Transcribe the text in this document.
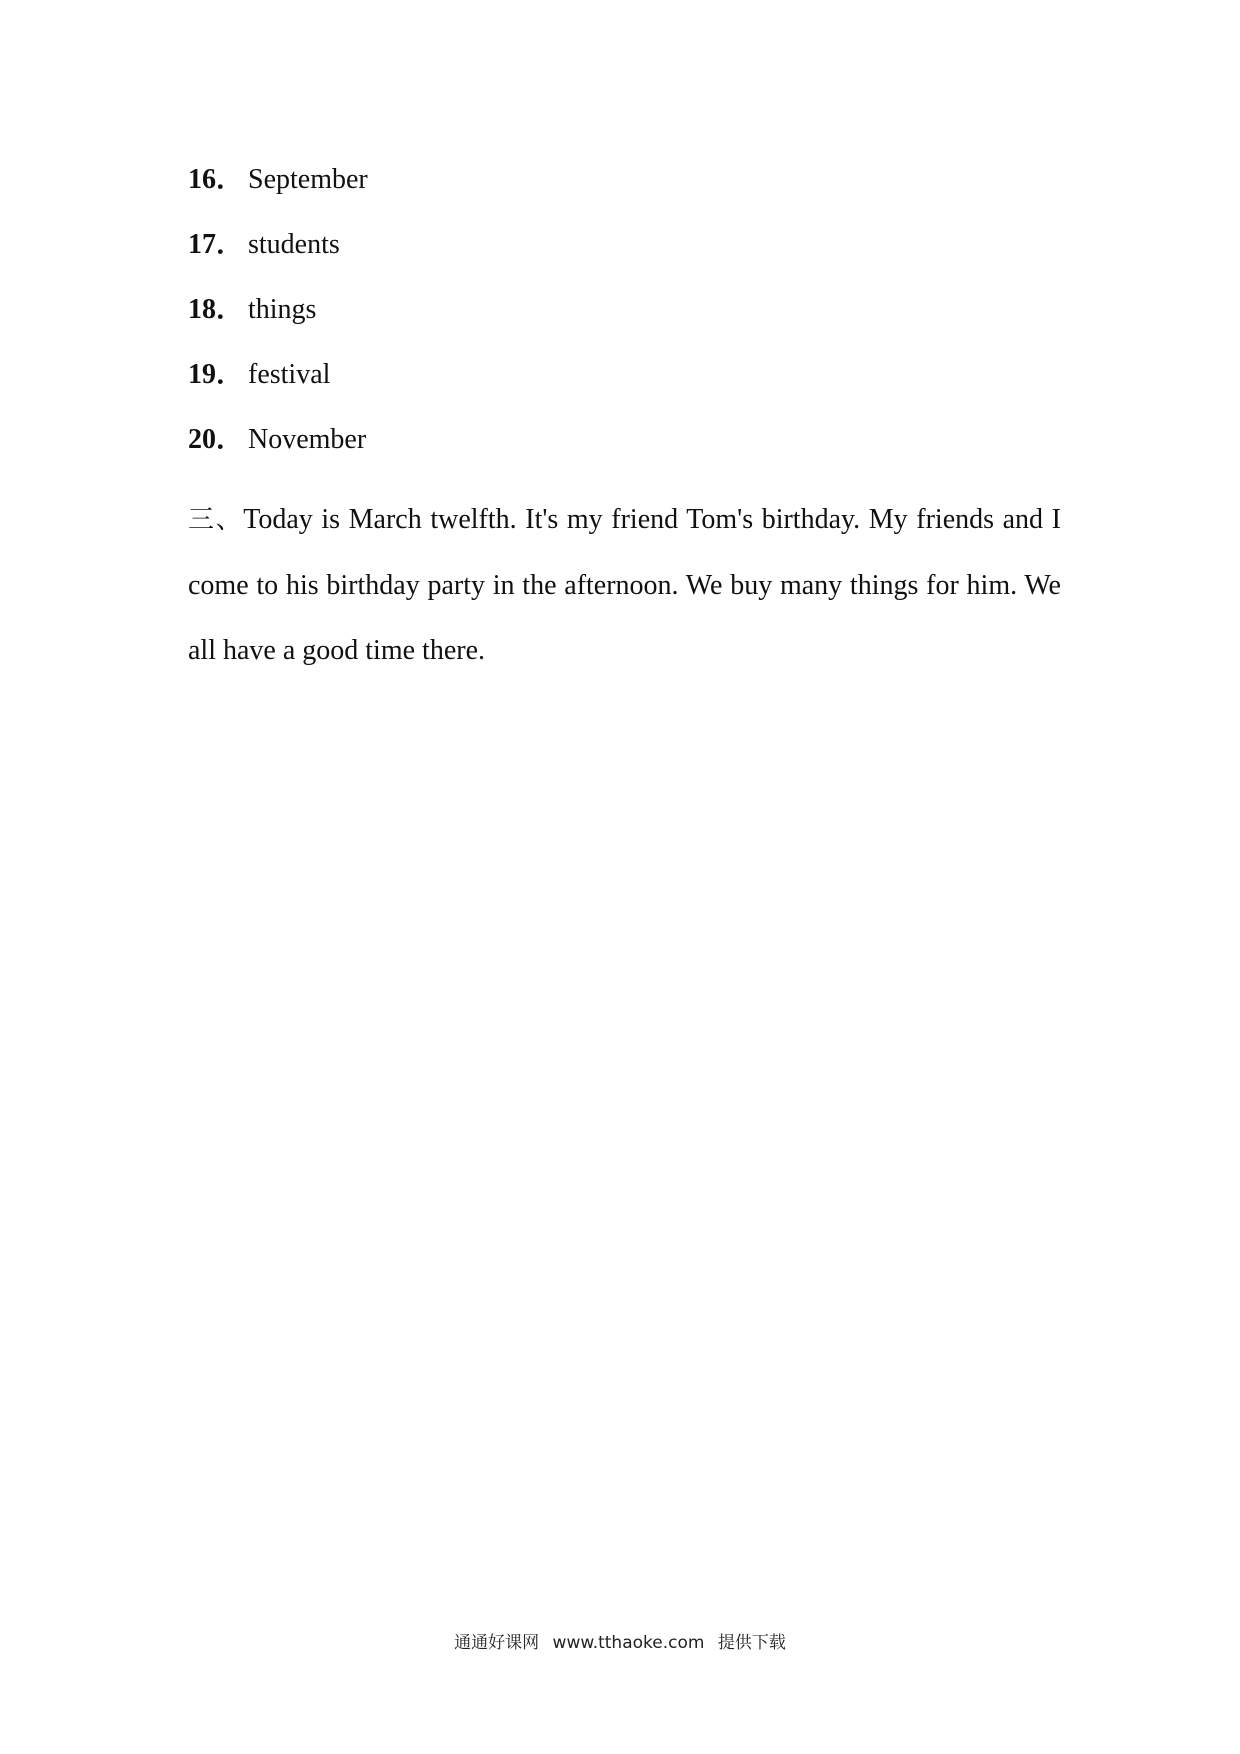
16． September
17． students
18． things
19． festival
20． November
三、Today is March twelfth. It's my friend Tom's birthday. My friends and I come to his birthday party in the afternoon. We buy many things for him. We all have a good time there.
通通好课网 www.tthaoke.com 提供下载
